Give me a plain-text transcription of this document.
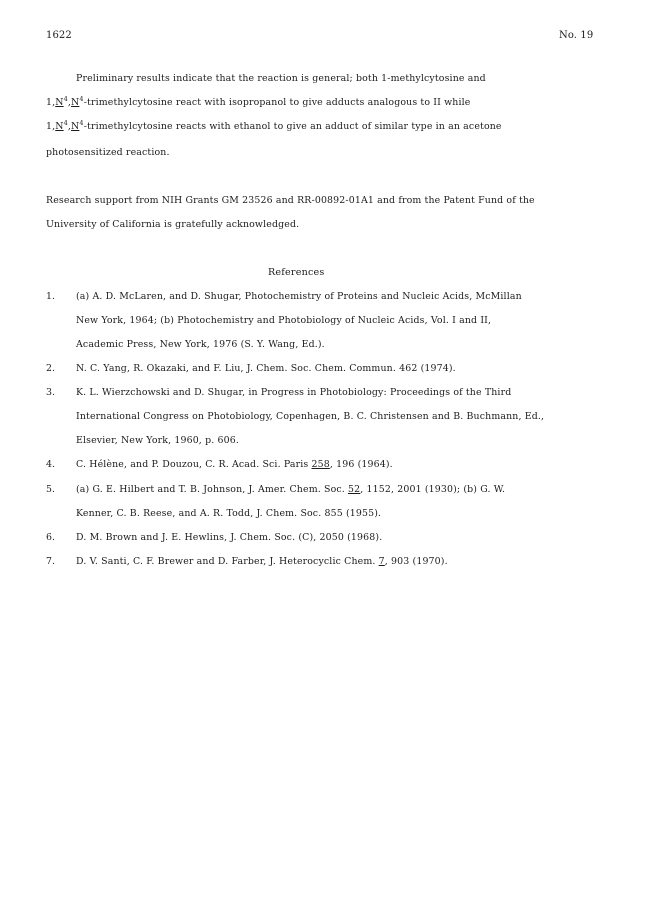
1622	No. 19
Preliminary results indicate that the reaction is general; both 1-methylcytosine and
$1,N^4,N^4$-trimethylcytosine react with isopropanol to give adducts analogous to II while
$1,N^4,N^4$-trimethylcytosine reacts with ethanol to give an adduct of similar type in an acetone
photosensitized reaction.
Research support from NIH Grants GM 23526 and RR-00892-01A1 and from the Patent Fund of the
University of California is gratefully acknowledged.
References
1. (a) A. D. McLaren, and D. Shugar, Photochemistry of Proteins and Nucleic Acids, McMillan
New York, 1964; (b) Photochemistry and Photobiology of Nucleic Acids, Vol. I and II,
Academic Press, New York, 1976 (S. Y. Wang, Ed.).
2. N. C. Yang, R. Okazaki, and F. Liu, J. Chem. Soc. Chem. Commun. 462 (1974).
3. K. L. Wierzchowski and D. Shugar, in Progress in Photobiology: Proceedings of the Third
International Congress on Photobiology, Copenhagen, B. C. Christensen and B. Buchmann, Ed.,
Elsevier, New York, 1960, p. 606.
4. C. Hélène, and P. Douzou, C. R. Acad. Sci. Paris 258, 196 (1964).
5. (a) G. E. Hilbert and T. B. Johnson, J. Amer. Chem. Soc. 52, 1152, 2001 (1930); (b) G. W.
Kenner, C. B. Reese, and A. R. Todd, J. Chem. Soc. 855 (1955).
6. D. M. Brown and J. E. Hewlins, J. Chem. Soc. (C), 2050 (1968).
7. D. V. Santi, C. F. Brewer and D. Farber, J. Heterocyclic Chem. 7, 903 (1970).
